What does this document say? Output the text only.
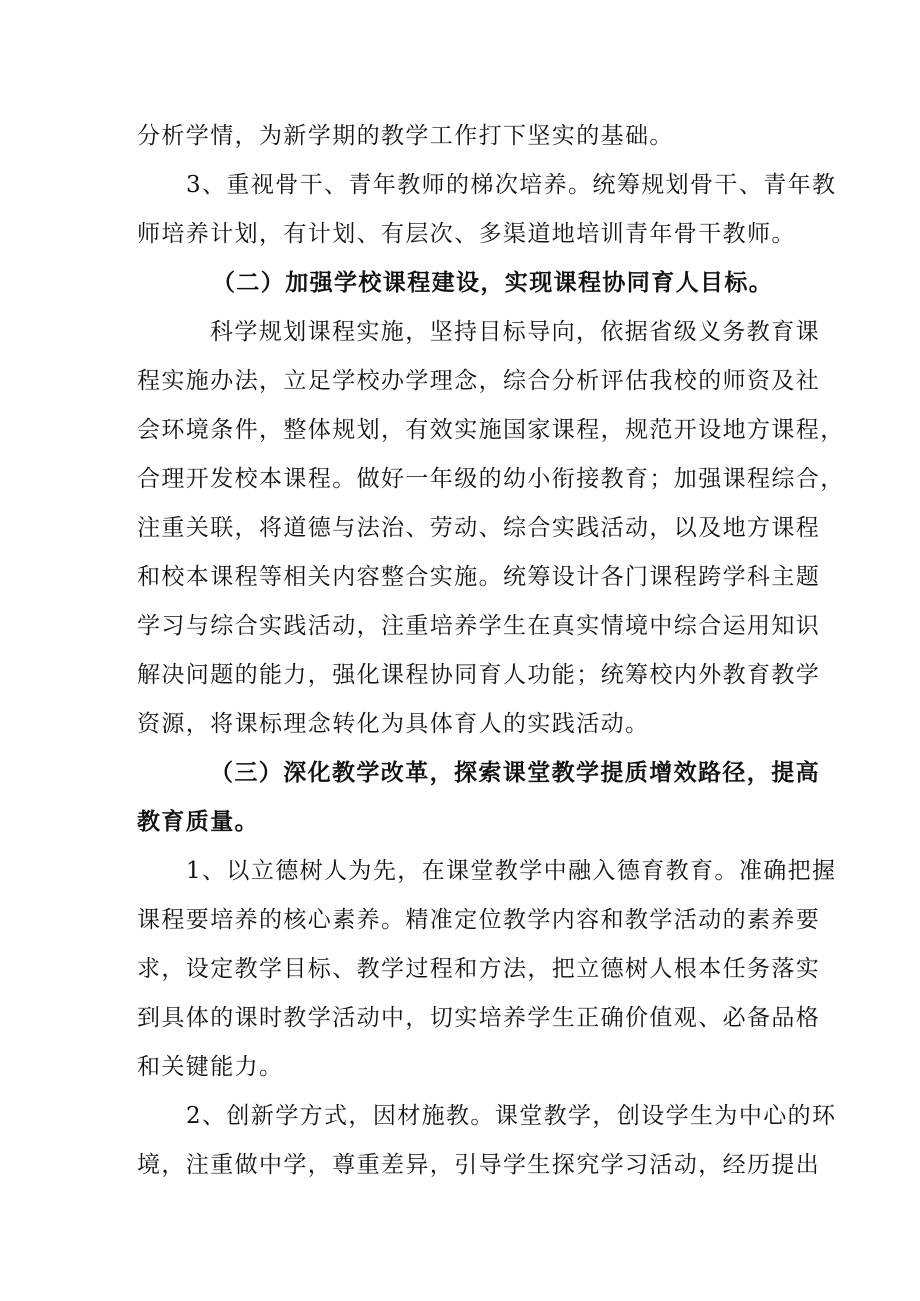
分析学情，为新学期的教学工作打下坚实的基础。
3、重视骨干、青年教师的梯次培养。统筹规划骨干、青年教
师培养计划，有计划、有层次、多渠道地培训青年骨干教师。
（二）加强学校课程建设，实现课程协同育人目标。
科学规划课程实施，坚持目标导向，依据省级义务教育课
程实施办法，立足学校办学理念，综合分析评估我校的师资及社
会环境条件，整体规划，有效实施国家课程，规范开设地方课程，
合理开发校本课程。做好一年级的幼小衔接教育；加强课程综合，
注重关联，将道德与法治、劳动、综合实践活动，以及地方课程
和校本课程等相关内容整合实施。统筹设计各门课程跨学科主题
学习与综合实践活动，注重培养学生在真实情境中综合运用知识
解决问题的能力，强化课程协同育人功能；统筹校内外教育教学
资源，将课标理念转化为具体育人的实践活动。
（三）深化教学改革，探索课堂教学提质增效路径，提高
教育质量。
1、以立德树人为先，在课堂教学中融入德育教育。准确把握
课程要培养的核心素养。精准定位教学内容和教学活动的素养要
求，设定教学目标、教学过程和方法，把立德树人根本任务落实
到具体的课时教学活动中，切实培养学生正确价值观、必备品格
和关键能力。
2、创新学方式，因材施教。课堂教学，创设学生为中心的环
境，注重做中学，尊重差异，引导学生探究学习活动，经历提出
